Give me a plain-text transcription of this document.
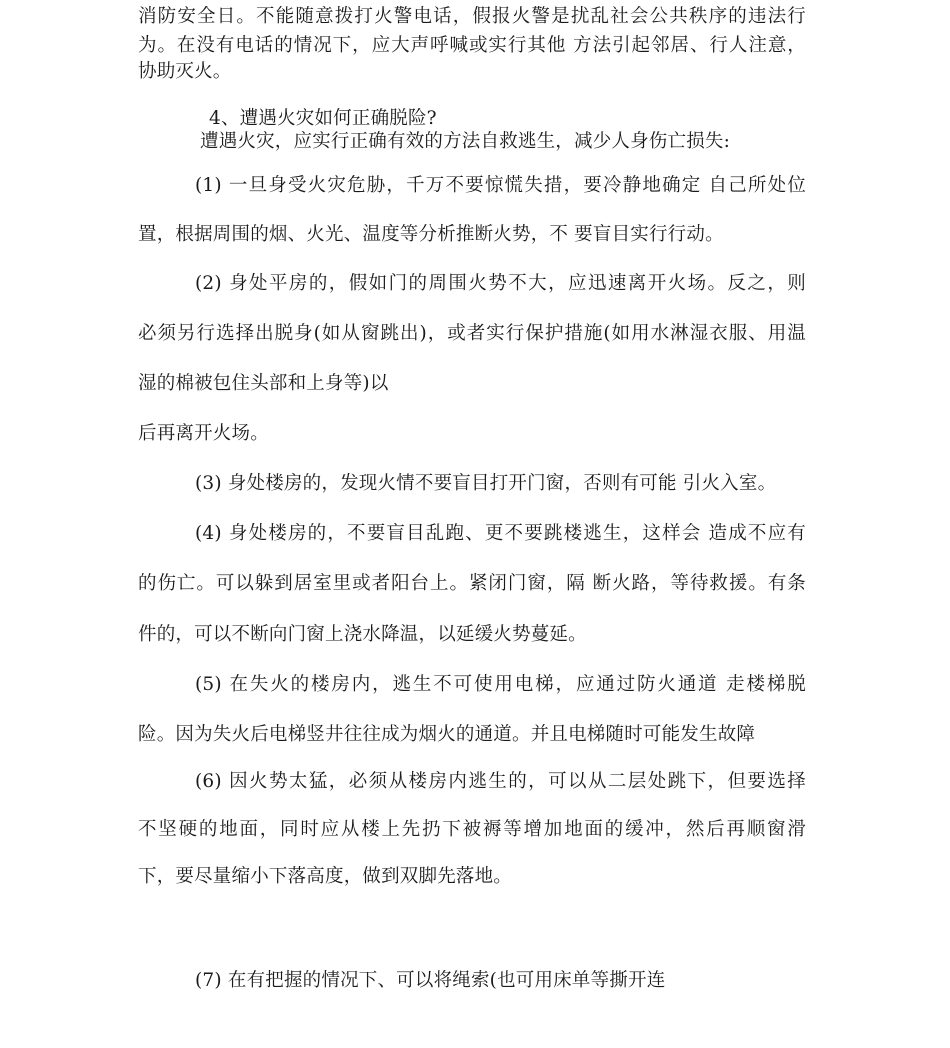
消防安全日。不能随意拨打火警电话，假报火警是扰乱社会公共秩序的违法行
为。在没有电话的情况下，应大声呼喊或实行其他 方法引起邻居、行人注意，
协助灭火。
4、遭遇火灾如何正确脱险?
遭遇火灾，应实行正确有效的方法自救逃生，减少人身伤亡损失:
(1) 一旦身受火灾危胁，千万不要惊慌失措，要冷静地确定 自己所处位
置，根据周围的烟、火光、温度等分析推断火势，不 要盲目实行行动。
(2) 身处平房的，假如门的周围火势不大，应迅速离开火场。反之，则
必须另行选择出脱身(如从窗跳出)，或者实行保护措施(如用水淋湿衣服、用温
湿的棉被包住头部和上身等)以
后再离开火场。
(3) 身处楼房的，发现火情不要盲目打开门窗，否则有可能 引火入室。
(4) 身处楼房的，不要盲目乱跑、更不要跳楼逃生，这样会 造成不应有
的伤亡。可以躲到居室里或者阳台上。紧闭门窗，隔 断火路，等待救援。有条
件的，可以不断向门窗上浇水降温，以延缓火势蔓延。
(5) 在失火的楼房内，逃生不可使用电梯，应通过防火通道 走楼梯脱
险。因为失火后电梯竖井往往成为烟火的通道。并且电梯随时可能发生故障
(6) 因火势太猛，必须从楼房内逃生的，可以从二层处跳下，但要选择
不坚硬的地面，同时应从楼上先扔下被褥等增加地面的缓冲，然后再顺窗滑
下，要尽量缩小下落高度，做到双脚先落地。
(7) 在有把握的情况下、可以将绳索(也可用床单等撕开连
